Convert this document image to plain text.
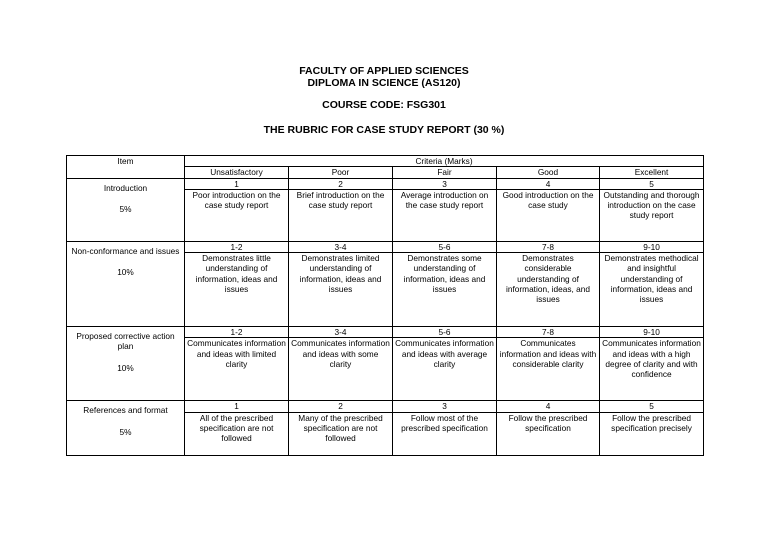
FACULTY OF APPLIED SCIENCES
DIPLOMA IN SCIENCE (AS120)
COURSE CODE: FSG301
THE RUBRIC FOR CASE STUDY REPORT (30 %)
Item	Criteria (Marks)				
	Unsatisfactory	Poor	Fair	Good	Excellent

Introduction
5%	1	2	3	4	5
	Poor introduction on the case study report	Brief introduction on the case study report	Average introduction on the case study report	Good introduction on the case study	Outstanding and thorough introduction on the case study report

Non-conformance and issues
10%	1-2	3-4	5-6	7-8	9-10
	Demonstrates little understanding of information, ideas and issues	Demonstrates limited understanding of information, ideas and issues	Demonstrates some understanding of information, ideas and issues	Demonstrates considerable understanding of information, ideas, and issues	Demonstrates methodical and insightful understanding of information, ideas and issues

Proposed corrective action plan
10%	1-2	3-4	5-6	7-8	9-10
	Communicates information and ideas with limited clarity	Communicates information and ideas with some clarity	Communicates information and ideas with average clarity	Communicates information and ideas with considerable clarity	Communicates information and ideas with a high degree of clarity and with confidence

References and format
5%	1	2	3	4	5
	All of the prescribed specification are not followed	Many of the prescribed specification are not followed	Follow most of the prescribed specification	Follow the prescribed specification	Follow the prescribed specification precisely
